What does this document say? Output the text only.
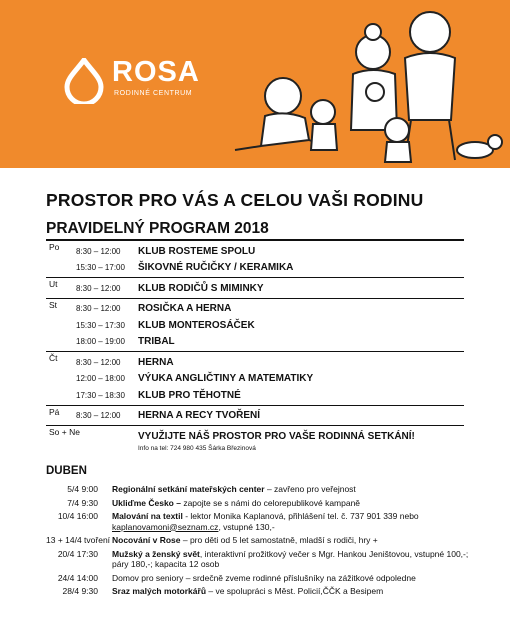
ROSA
RODINNÉ CENTRUM
PROSTOR PRO VÁS A CELOU VAŠI RODINU
PRAVIDELNÝ PROGRAM 2018
Po	8:30 – 12:00	KLUB ROSTEME SPOLU
15:30 – 17:00	ŠIKOVNÉ RUČIČKY / KERAMIKA
Ut	8:30 – 12:00	KLUB RODIČŮ S MIMINKY
St	8:30 – 12:00	ROSIČKA A HERNA
15:30 – 17:30	KLUB MONTEROSÁČEK
18:00 – 19:00	TRIBAL
Čt	8:30 – 12:00	HERNA
12:00 – 18:00	VÝUKA ANGLIČTINY A MATEMATIKY
17:30 – 18:30	KLUB PRO TĚHOTNÉ
Pá	8:30 – 12:00	HERNA A RECY TVOŘENÍ
So + Ne	VYUŽIJTE NÁŠ PROSTOR PRO VAŠE RODINNÁ SETKÁNÍ!
Info na tel: 724 980 435 Šárka Březinová
DUBEN
5/4 9:00	Regionální setkání mateřských center – zavřeno pro veřejnost
7/4 9:30	Ukliďme Česko – zapojte se s námi do celorepublikové kampaně
10/4 16:00	Malování na textil - lektor Monika Kaplanová, přihlášení tel. č. 737 901 339 nebo kaplanovamoni@seznam.cz, vstupné 130,-
13 + 14/4 tvoření Nocování v Rose – pro děti od 5 let samostatně, mladší s rodiči, hry +
20/4 17:30	Mužský a ženský svět, interaktivní prožitkový večer s Mgr. Hankou Jeništovou, vstupné 100,-; páry 180,-; kapacita 12 osob
24/4 14:00	Domov pro seniory – srdečně zveme rodinné příslušníky na zážitkové odpoledne
28/4 9:30	Sraz malých motorkářů – ve spolupráci s Měst. Policií,ČČK a Besipem
